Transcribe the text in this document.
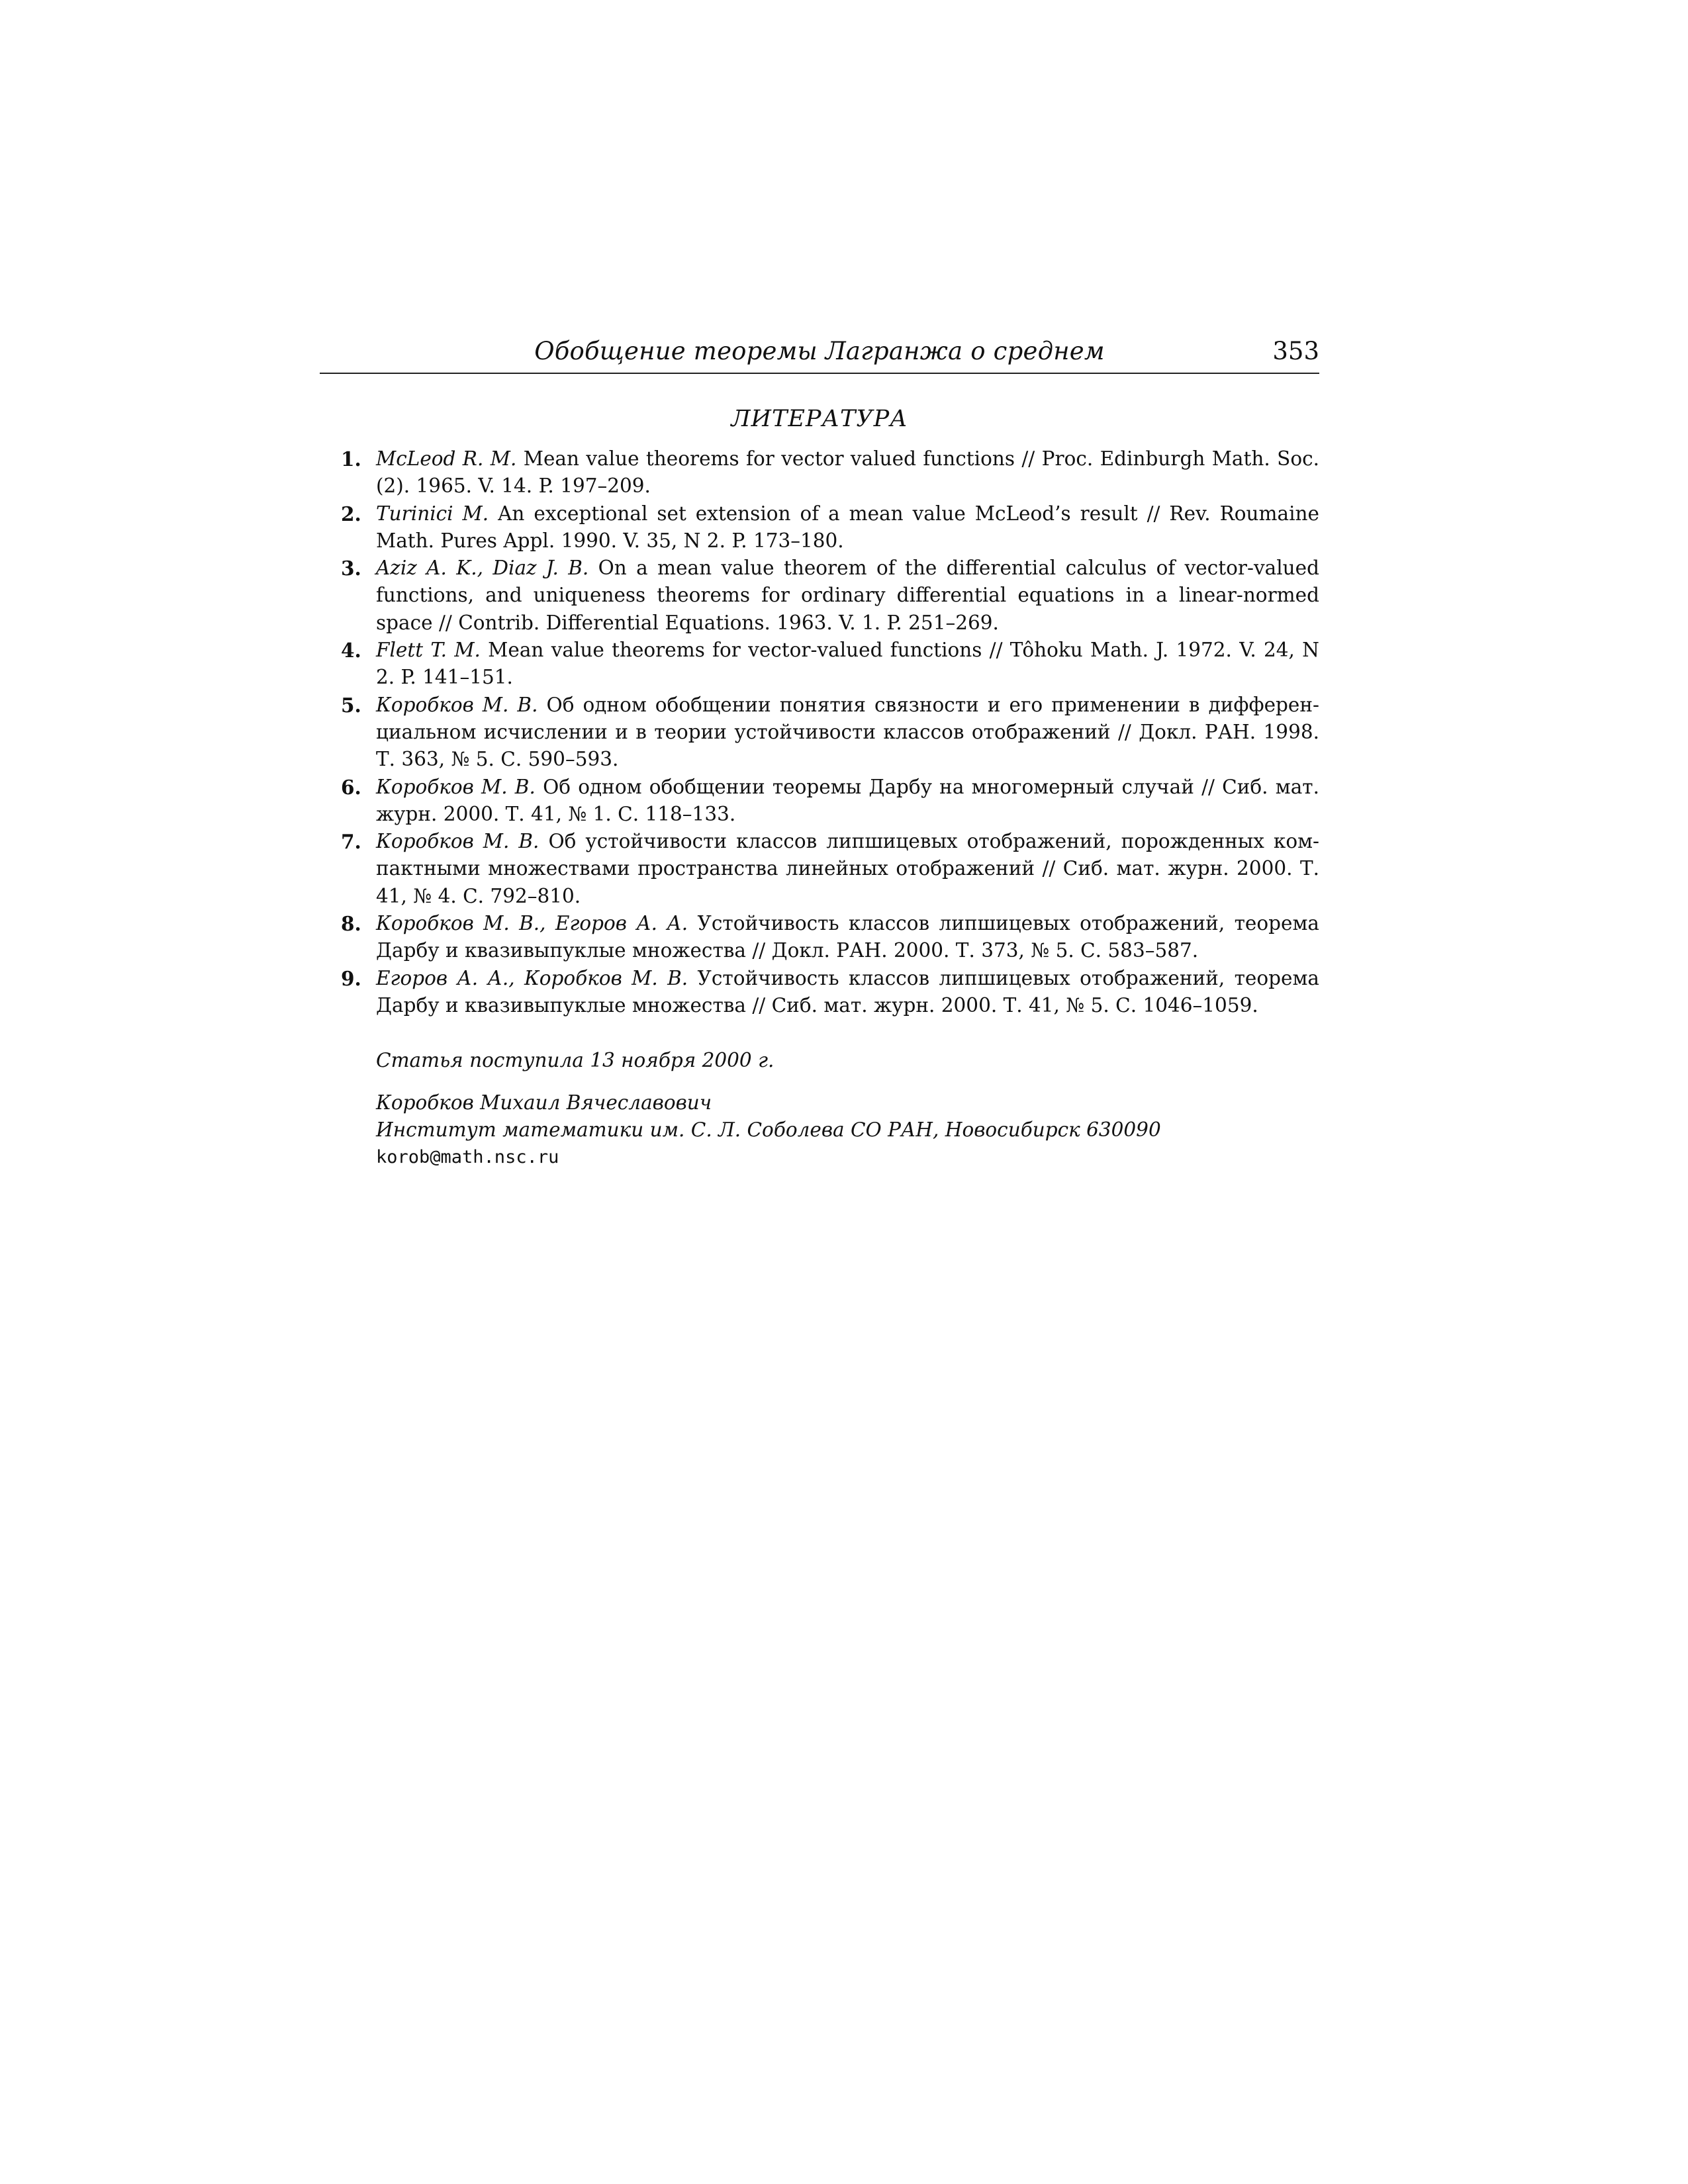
Обобщение теоремы Лагранжа о среднем	353
ЛИТЕРАТУРА
1. McLeod R. M. Mean value theorems for vector valued functions // Proc. Edinburgh Math. Soc. (2). 1965. V. 14. P. 197–209.
2. Turinici M. An exceptional set extension of a mean value McLeod’s result // Rev. Roumaine Math. Pures Appl. 1990. V. 35, N 2. P. 173–180.
3. Aziz A. K., Diaz J. B. On a mean value theorem of the differential calculus of vector-valued functions, and uniqueness theorems for ordinary differential equations in a linear-normed space // Contrib. Differential Equations. 1963. V. 1. P. 251–269.
4. Flett T. M. Mean value theorems for vector-valued functions // Tôhoku Math. J. 1972. V. 24, N 2. P. 141–151.
5. Коробков М. В. Об одном обобщении понятия связности и его применении в дифференциальном исчислении и в теории устойчивости классов отображений // Докл. РАН. 1998. Т. 363, № 5. С. 590–593.
6. Коробков М. В. Об одном обобщении теоремы Дарбу на многомерный случай // Сиб. мат. журн. 2000. Т. 41, № 1. С. 118–133.
7. Коробков М. В. Об устойчивости классов липшицевых отображений, порожденных компактными множествами пространства линейных отображений // Сиб. мат. журн. 2000. Т. 41, № 4. С. 792–810.
8. Коробков М. В., Егоров А. А. Устойчивость классов липшицевых отображений, теорема Дарбу и квазивыпуклые множества // Докл. РАН. 2000. Т. 373, № 5. С. 583–587.
9. Егоров А. А., Коробков М. В. Устойчивость классов липшицевых отображений, теорема Дарбу и квазивыпуклые множества // Сиб. мат. журн. 2000. Т. 41, № 5. С. 1046–1059.
Статья поступила 13 ноября 2000 г.
Коробков Михаил Вячеславович
Институт математики им. С. Л. Соболева СО РАН, Новосибирск 630090
korob@math.nsc.ru
